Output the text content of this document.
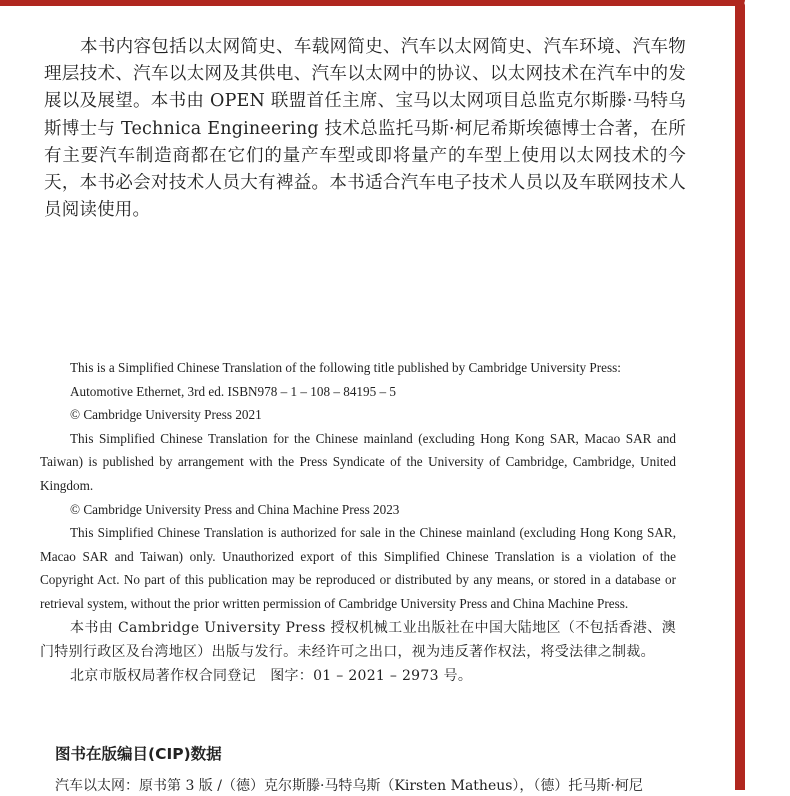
本书内容包括以太网简史、车载网简史、汽车以太网简史、汽车环境、汽车物理层技术、汽车以太网及其供电、汽车以太网中的协议、以太网技术在汽车中的发展以及展望。本书由 OPEN 联盟首任主席、宝马以太网项目总监克尔斯滕·马特乌斯博士与 Technica Engineering 技术总监托马斯·柯尼希斯埃德博士合著，在所有主要汽车制造商都在它们的量产车型或即将量产的车型上使用以太网技术的今天，本书必会对技术人员大有裨益。本书适合汽车电子技术人员以及车联网技术人员阅读使用。

This is a Simplified Chinese Translation of the following title published by Cambridge University Press:

Automotive Ethernet, 3rd ed. ISBN978 – 1 – 108 – 84195 – 5

© Cambridge University Press 2021

This Simplified Chinese Translation for the Chinese mainland (excluding Hong Kong SAR, Macao SAR and Taiwan) is published by arrangement with the Press Syndicate of the University of Cambridge, Cambridge, United Kingdom.

© Cambridge University Press and China Machine Press 2023

This Simplified Chinese Translation is authorized for sale in the Chinese mainland (excluding Hong Kong SAR, Macao SAR and Taiwan) only. Unauthorized export of this Simplified Chinese Translation is a violation of the Copyright Act. No part of this publication may be reproduced or distributed by any means, or stored in a database or retrieval system, without the prior written permission of Cambridge University Press and China Machine Press.

本书由 Cambridge University Press 授权机械工业出版社在中国大陆地区（不包括香港、澳门特别行政区及台湾地区）出版与发行。未经许可之出口，视为违反著作权法，将受法律之制裁。

北京市版权局著作权合同登记　图字：01 – 2021 – 2973 号。

图书在版编目(CIP)数据

汽车以太网：原书第 3 版 /（德）克尔斯滕·马特乌斯（Kirsten Matheus），（德）托马斯·柯尼
